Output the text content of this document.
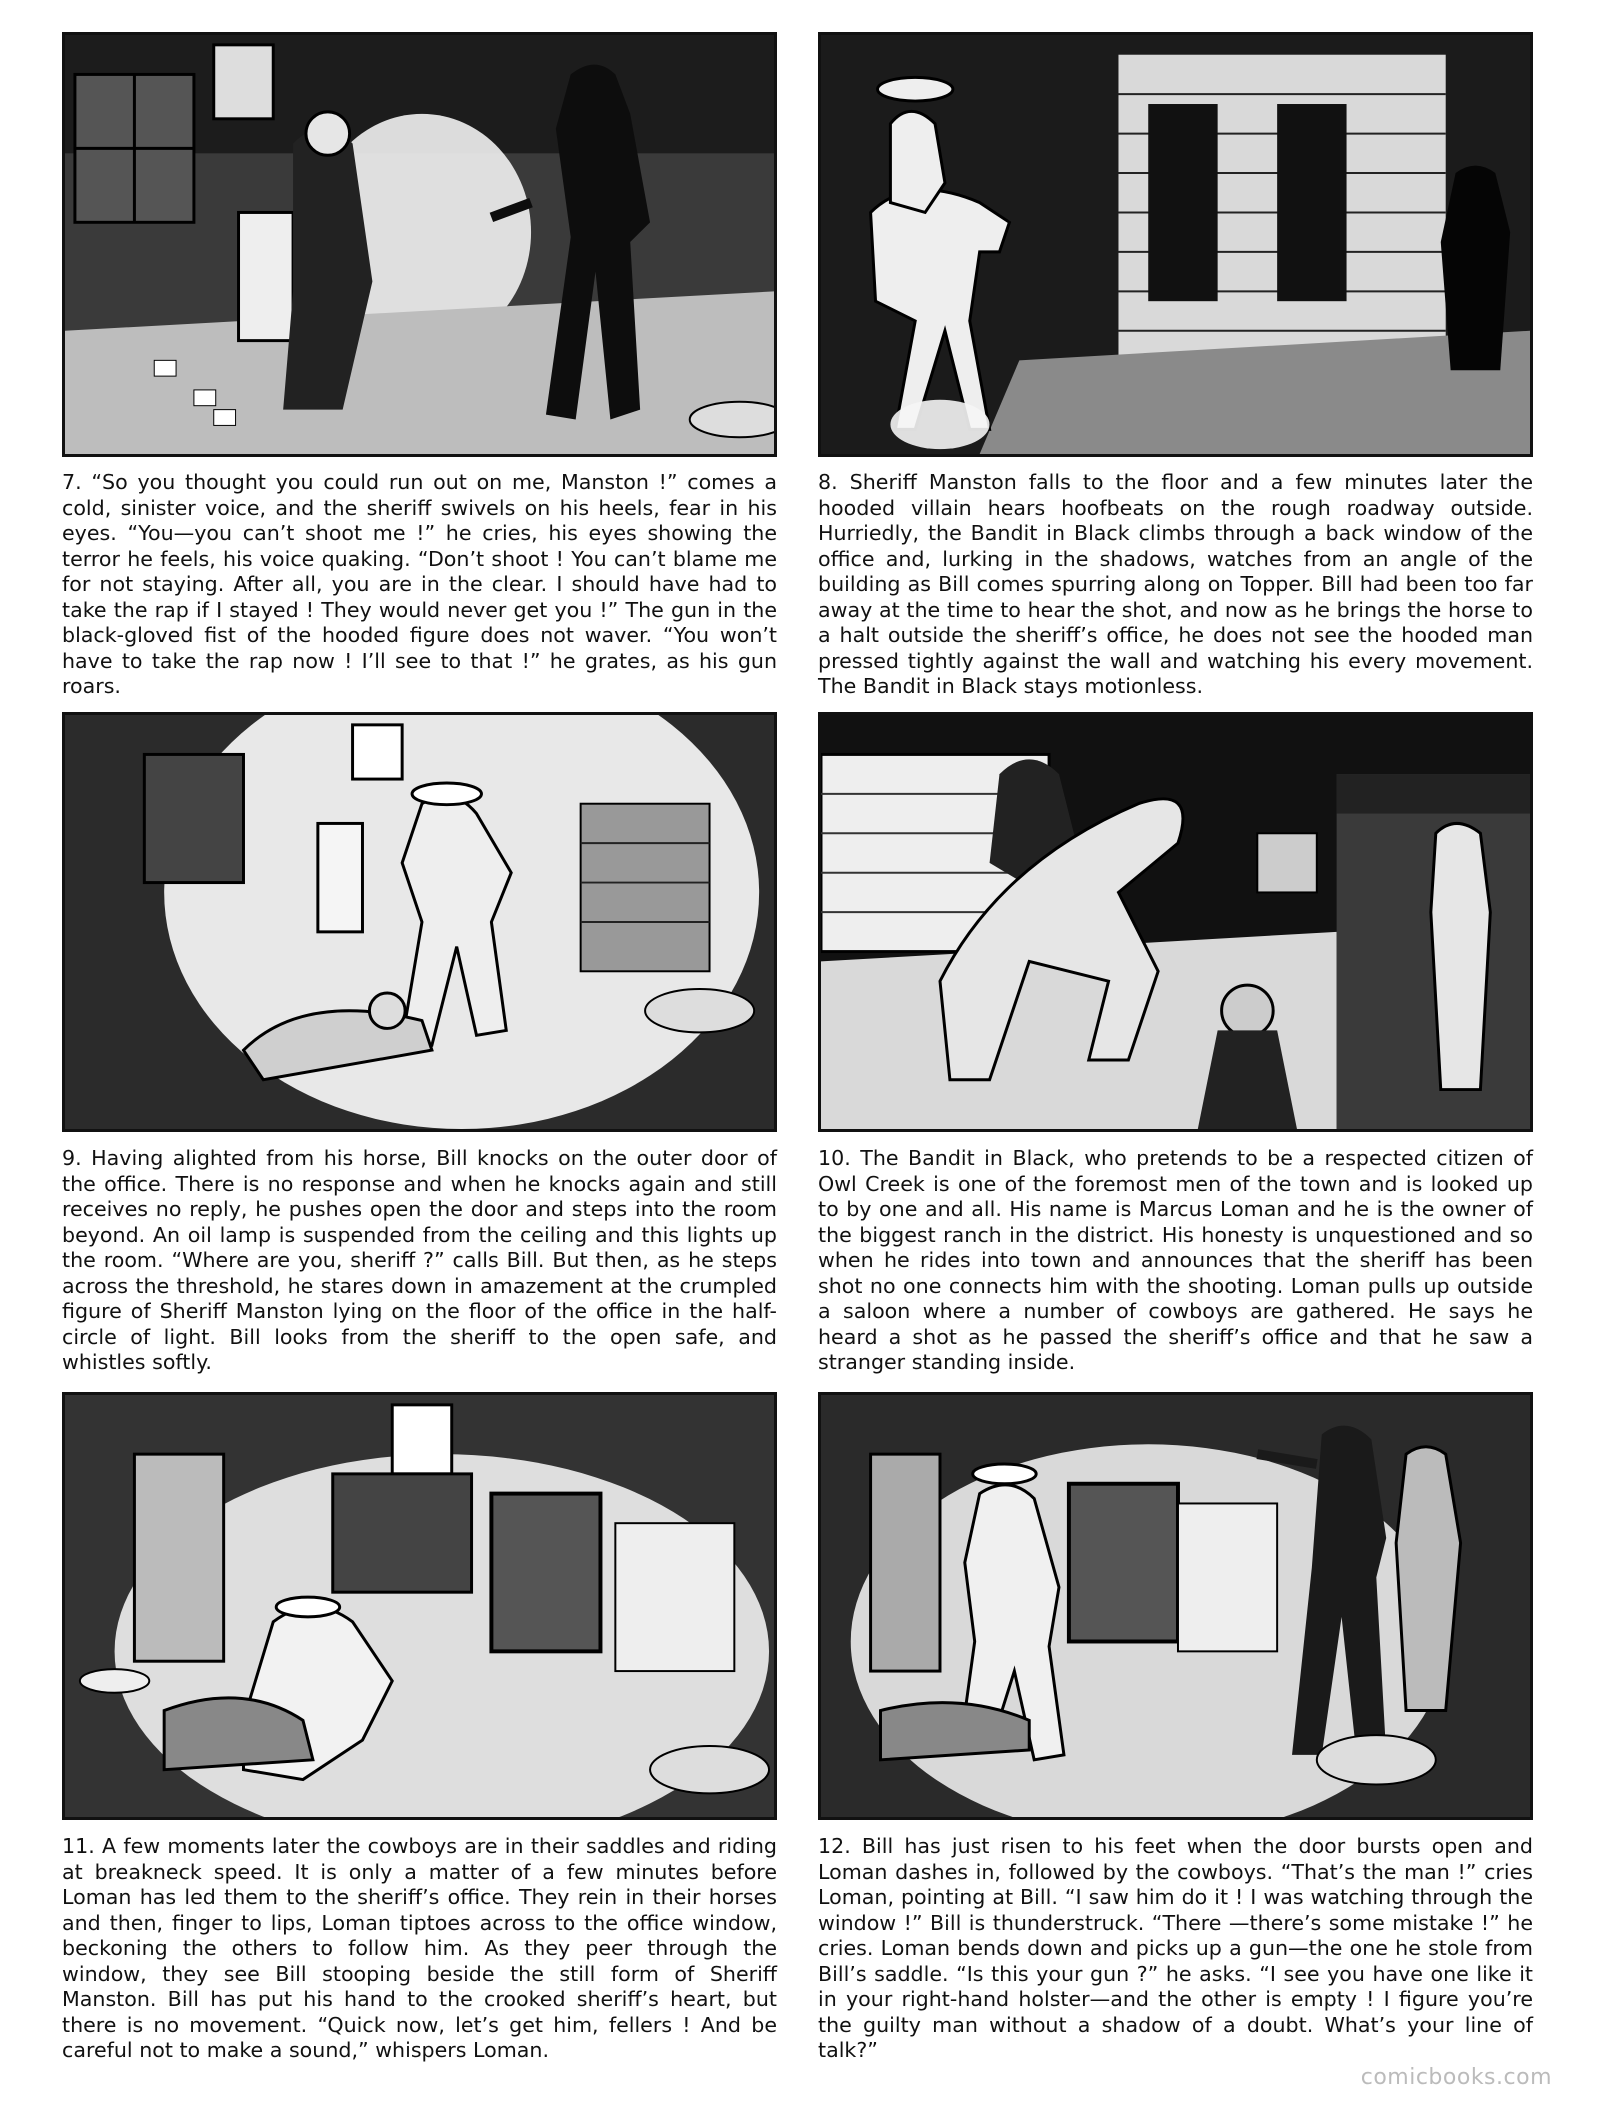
7. “So you thought you could run out on me, Manston !” comes a cold, sinister voice, and the sheriff swivels on his heels, fear in his eyes. “You—you can’t shoot me !” he cries, his eyes showing the terror he feels, his voice quaking. “Don’t shoot ! You can’t blame me for not staying. After all, you are in the clear. I should have had to take the rap if I stayed ! They would never get you !” The gun in the black-gloved fist of the hooded figure does not waver. “You won’t have to take the rap now ! I’ll see to that !” he grates, as his gun roars.
8. Sheriff Manston falls to the floor and a few minutes later the hooded villain hears hoofbeats on the rough roadway outside. Hurriedly, the Bandit in Black climbs through a back window of the office and, lurking in the shadows, watches from an angle of the building as Bill comes spurring along on Topper. Bill had been too far away at the time to hear the shot, and now as he brings the horse to a halt outside the sheriff’s office, he does not see the hooded man pressed tightly against the wall and watching his every movement. The Bandit in Black stays motionless.
9. Having alighted from his horse, Bill knocks on the outer door of the office. There is no response and when he knocks again and still receives no reply, he pushes open the door and steps into the room beyond. An oil lamp is suspended from the ceiling and this lights up the room. “Where are you, sheriff ?” calls Bill. But then, as he steps across the threshold, he stares down in amazement at the crumpled figure of Sheriff Manston lying on the floor of the office in the half-circle of light. Bill looks from the sheriff to the open safe, and whistles softly.
10. The Bandit in Black, who pretends to be a respected citizen of Owl Creek is one of the foremost men of the town and is looked up to by one and all. His name is Marcus Loman and he is the owner of the biggest ranch in the district. His honesty is unquestioned and so when he rides into town and announces that the sheriff has been shot no one connects him with the shooting. Loman pulls up outside a saloon where a number of cowboys are gathered. He says he heard a shot as he passed the sheriff’s office and that he saw a stranger standing inside.
11. A few moments later the cowboys are in their saddles and riding at breakneck speed. It is only a matter of a few minutes before Loman has led them to the sheriff’s office. They rein in their horses and then, finger to lips, Loman tiptoes across to the office window, beckoning the others to follow him. As they peer through the window, they see Bill stooping beside the still form of Sheriff Manston. Bill has put his hand to the crooked sheriff’s heart, but there is no movement. “Quick now, let’s get him, fellers ! And be careful not to make a sound,” whispers Loman.
12. Bill has just risen to his feet when the door bursts open and Loman dashes in, followed by the cowboys. “That’s the man !” cries Loman, pointing at Bill. “I saw him do it ! I was watching through the window !” Bill is thunderstruck. “There —there’s some mistake !” he cries. Loman bends down and picks up a gun—the one he stole from Bill’s saddle. “Is this your gun ?” he asks. “I see you have one like it in your right-hand holster—and the other is empty ! I figure you’re the guilty man without a shadow of a doubt. What’s your line of talk?”
comicbooks.com
